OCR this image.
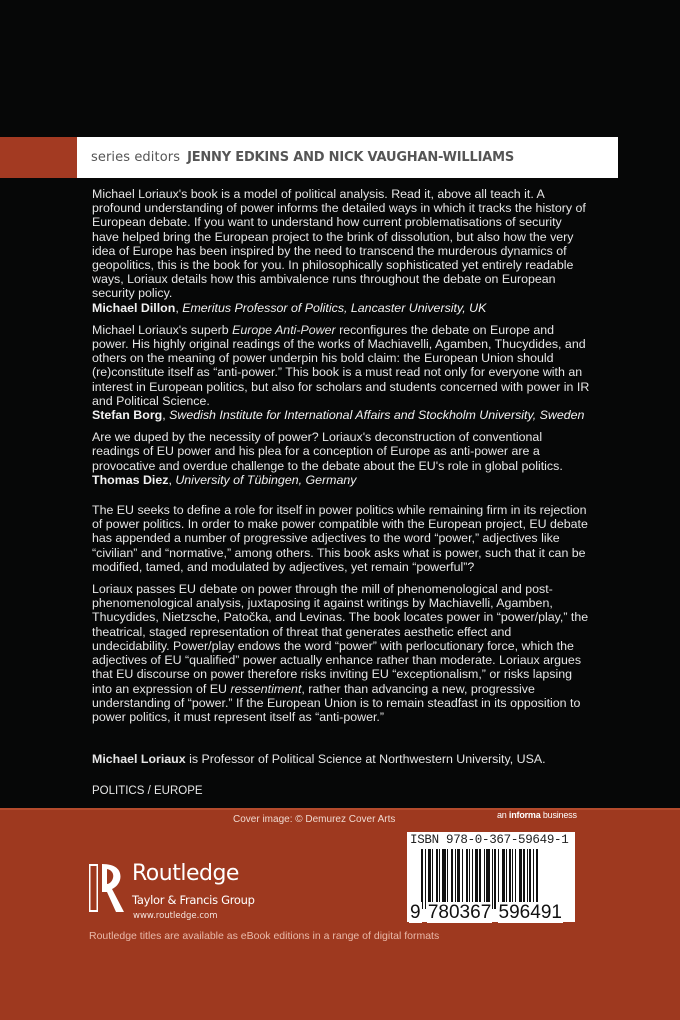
series editors JENNY EDKINS AND NICK VAUGHAN-WILLIAMS

Michael Loriaux's book is a model of political analysis. Read it, above all teach it. A profound understanding of power informs the detailed ways in which it tracks the history of European debate. If you want to understand how current problematisations of security have helped bring the European project to the brink of dissolution, but also how the very idea of Europe has been inspired by the need to transcend the murderous dynamics of geopolitics, this is the book for you. In philosophically sophisticated yet entirely readable ways, Loriaux details how this ambivalence runs throughout the debate on European security policy.

Michael Dillon, Emeritus Professor of Politics, Lancaster University, UK

Michael Loriaux's superb Europe Anti-Power reconfigures the debate on Europe and power. His highly original readings of the works of Machiavelli, Agamben, Thucydides, and others on the meaning of power underpin his bold claim: the European Union should (re)constitute itself as “anti-power.” This book is a must read not only for everyone with an interest in European politics, but also for scholars and students concerned with power in IR and Political Science.

Stefan Borg, Swedish Institute for International Affairs and Stockholm University, Sweden

Are we duped by the necessity of power? Loriaux's deconstruction of conventional readings of EU power and his plea for a conception of Europe as anti-power are a provocative and overdue challenge to the debate about the EU's role in global politics.

Thomas Diez, University of Tübingen, Germany

The EU seeks to define a role for itself in power politics while remaining firm in its rejection of power politics. In order to make power compatible with the European project, EU debate has appended a number of progressive adjectives to the word “power,” adjectives like “civilian” and “normative,” among others. This book asks what is power, such that it can be modified, tamed, and modulated by adjectives, yet remain “powerful”?

Loriaux passes EU debate on power through the mill of phenomenological and post-phenomenological analysis, juxtaposing it against writings by Machiavelli, Agamben, Thucydides, Nietzsche, Patočka, and Levinas. The book locates power in “power/play,” the theatrical, staged representation of threat that generates aesthetic effect and undecidability. Power/play endows the word “power” with perlocutionary force, which the adjectives of EU “qualified” power actually enhance rather than moderate. Loriaux argues that EU discourse on power therefore risks inviting EU “exceptionalism,” or risks lapsing into an expression of EU ressentiment, rather than advancing a new, progressive understanding of “power.” If the European Union is to remain steadfast in its opposition to power politics, it must represent itself as “anti-power.”

Michael Loriaux is Professor of Political Science at Northwestern University, USA.
POLITICS / EUROPE
Cover image: © Demurez Cover Arts	an informa business
ISBN 978-0-367-59649-1
9 780367 596491
Routledge
Taylor & Francis Group
www.routledge.com
Routledge titles are available as eBook editions in a range of digital formats
